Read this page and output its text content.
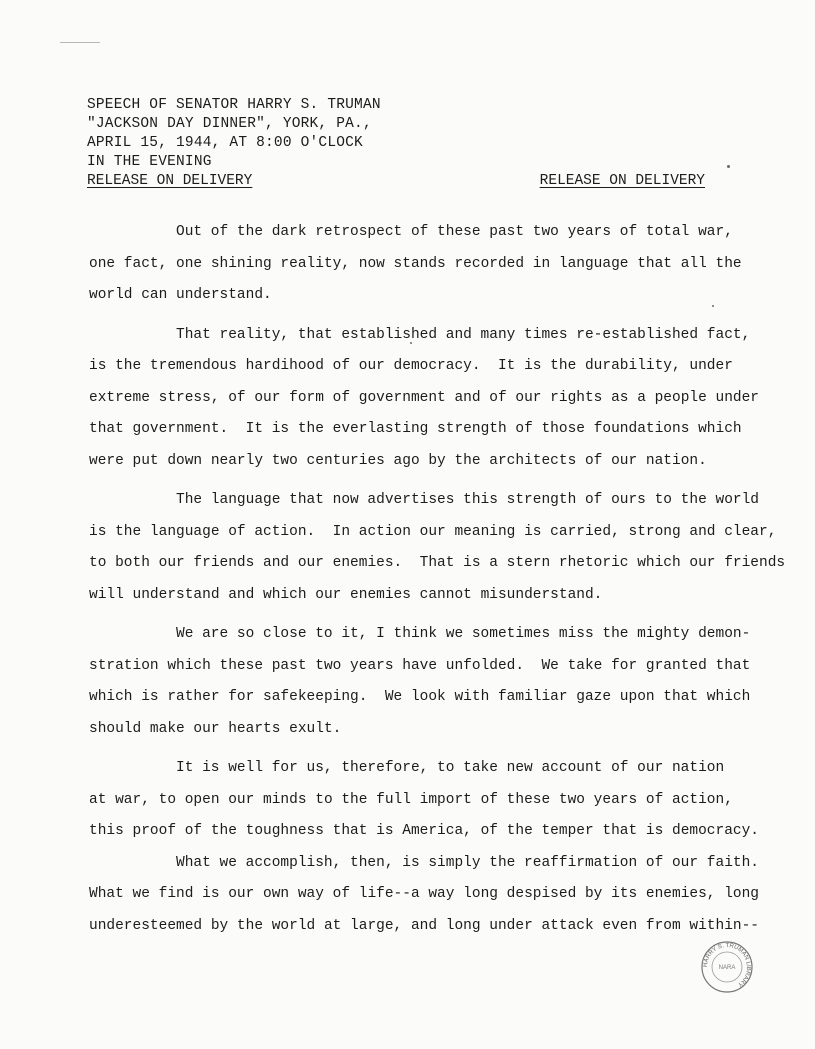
SPEECH OF SENATOR HARRY S. TRUMAN
"JACKSON DAY DINNER", YORK, PA.,
APRIL 15, 1944, AT 8:00 O'CLOCK
IN THE EVENING
RELEASE ON DELIVERY	RELEASE ON DELIVERY
Out of the dark retrospect of these past two years of total war,
one fact, one shining reality, now stands recorded in language that all the
world can understand.
That reality, that established and many times re-established fact,
is the tremendous hardihood of our democracy.  It is the durability, under
extreme stress, of our form of government and of our rights as a people under
that government.  It is the everlasting strength of those foundations which
were put down nearly two centuries ago by the architects of our nation.
The language that now advertises this strength of ours to the world
is the language of action.  In action our meaning is carried, strong and clear,
to both our friends and our enemies.  That is a stern rhetoric which our friends
will understand and which our enemies cannot misunderstand.
We are so close to it, I think we sometimes miss the mighty demon-
stration which these past two years have unfolded.  We take for granted that
which is rather for safekeeping.  We look with familiar gaze upon that which
should make our hearts exult.
It is well for us, therefore, to take new account of our nation
at war, to open our minds to the full import of these two years of action,
this proof of the toughness that is America, of the temper that is democracy.
What we accomplish, then, is simply the reaffirmation of our faith.
What we find is our own way of life--a way long despised by its enemies, long
underesteemed by the world at large, and long under attack even from within--
HARRY S. TRUMAN LIBRARY
NARA
